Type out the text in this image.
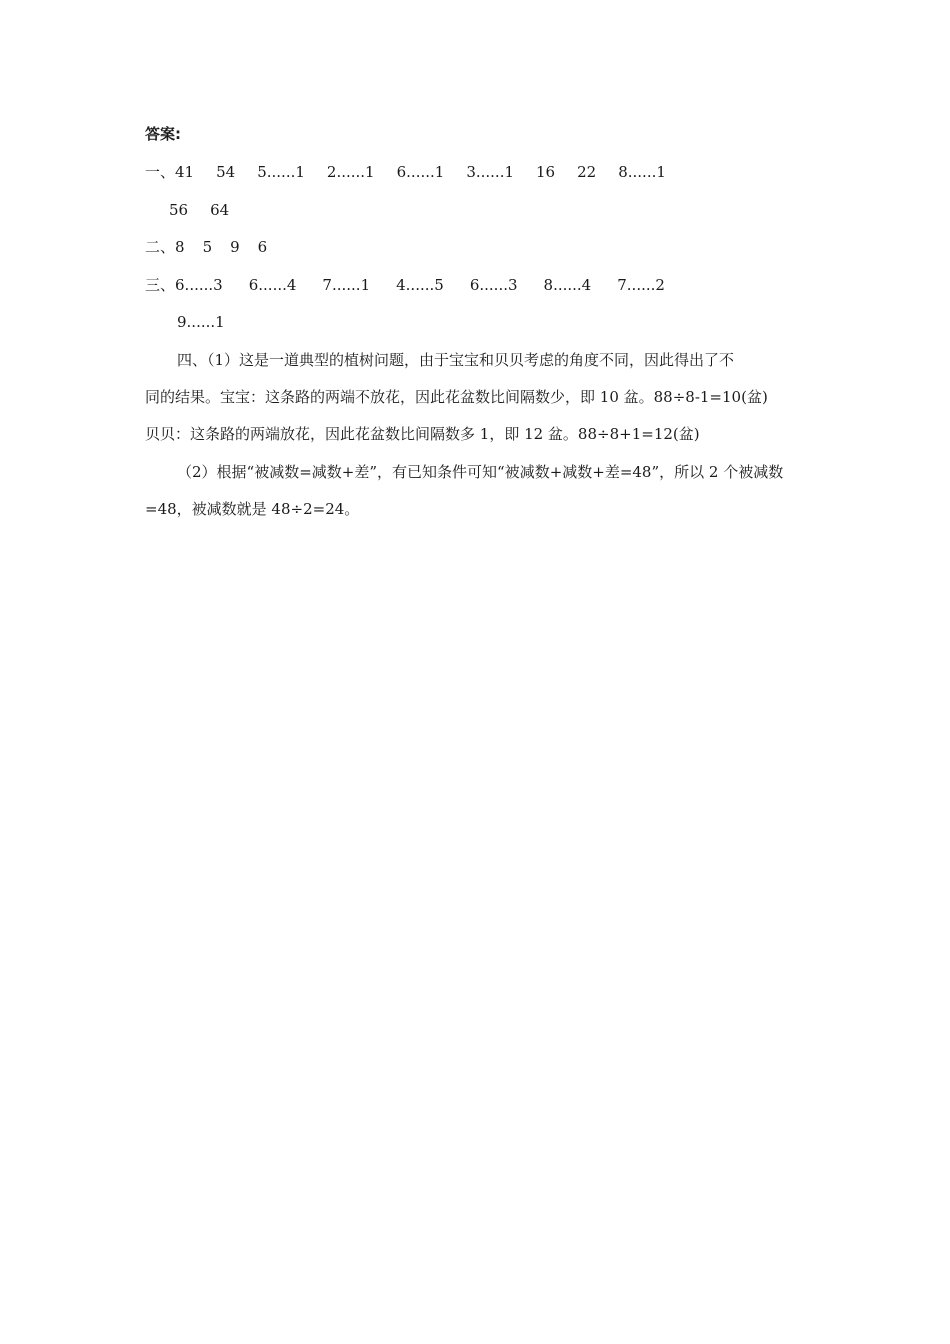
答案:
一、41 54 5......1 2......1 6......1 3......1 16 22 8......1
56 64
二、8 5 9 6
三、6......3 6......4 7......1 4......5 6......3 8......4 7......2
9......1
四、（1）这是一道典型的植树问题，由于宝宝和贝贝考虑的角度不同，因此得出了不
同的结果。宝宝：这条路的两端不放花，因此花盆数比间隔数少，即 10 盆。88÷8-1=10(盆)
贝贝：这条路的两端放花，因此花盆数比间隔数多 1，即 12 盆。88÷8+1=12(盆)
（2）根据“被减数=减数+差”，有已知条件可知“被减数+减数+差=48”，所以 2 个被减数
=48，被减数就是 48÷2=24。
